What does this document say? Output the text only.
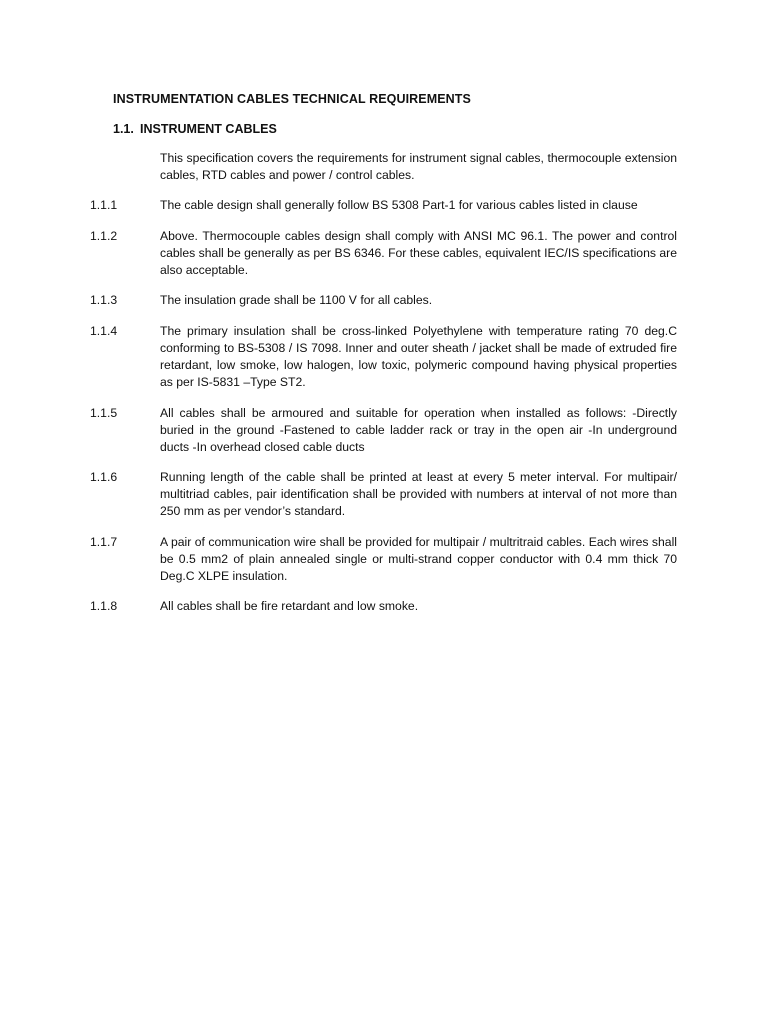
INSTRUMENTATION CABLES TECHNICAL REQUIREMENTS
1.1. INSTRUMENT CABLES
This specification covers the requirements for instrument signal cables, thermocouple extension cables, RTD cables and power / control cables.
1.1.1	The cable design shall generally follow BS 5308 Part-1 for various cables listed in clause
1.1.2	Above. Thermocouple cables design shall comply with ANSI MC 96.1. The power and control cables shall be generally as per BS 6346. For these cables, equivalent IEC/IS specifications are also acceptable.
1.1.3	The insulation grade shall be 1100 V for all cables.
1.1.4	The primary insulation shall be cross-linked Polyethylene with temperature rating 70 deg.C conforming to BS-5308 / IS 7098. Inner and outer sheath / jacket shall be made of extruded fire retardant, low smoke, low halogen, low toxic, polymeric compound having physical properties as per IS-5831 –Type ST2.
1.1.5	All cables shall be armoured and suitable for operation when installed as follows: -Directly buried in the ground -Fastened to cable ladder rack or tray in the open air -In underground ducts -In overhead closed cable ducts
1.1.6	Running length of the cable shall be printed at least at every 5 meter interval. For multipair/ multitriad cables, pair identification shall be provided with numbers at interval of not more than 250 mm as per vendor’s standard.
1.1.7	A pair of communication wire shall be provided for multipair / multritraid cables. Each wires shall be 0.5 mm2 of plain annealed single or multi-strand copper conductor with 0.4 mm thick 70 Deg.C XLPE insulation.
1.1.8	All cables shall be fire retardant and low smoke.
